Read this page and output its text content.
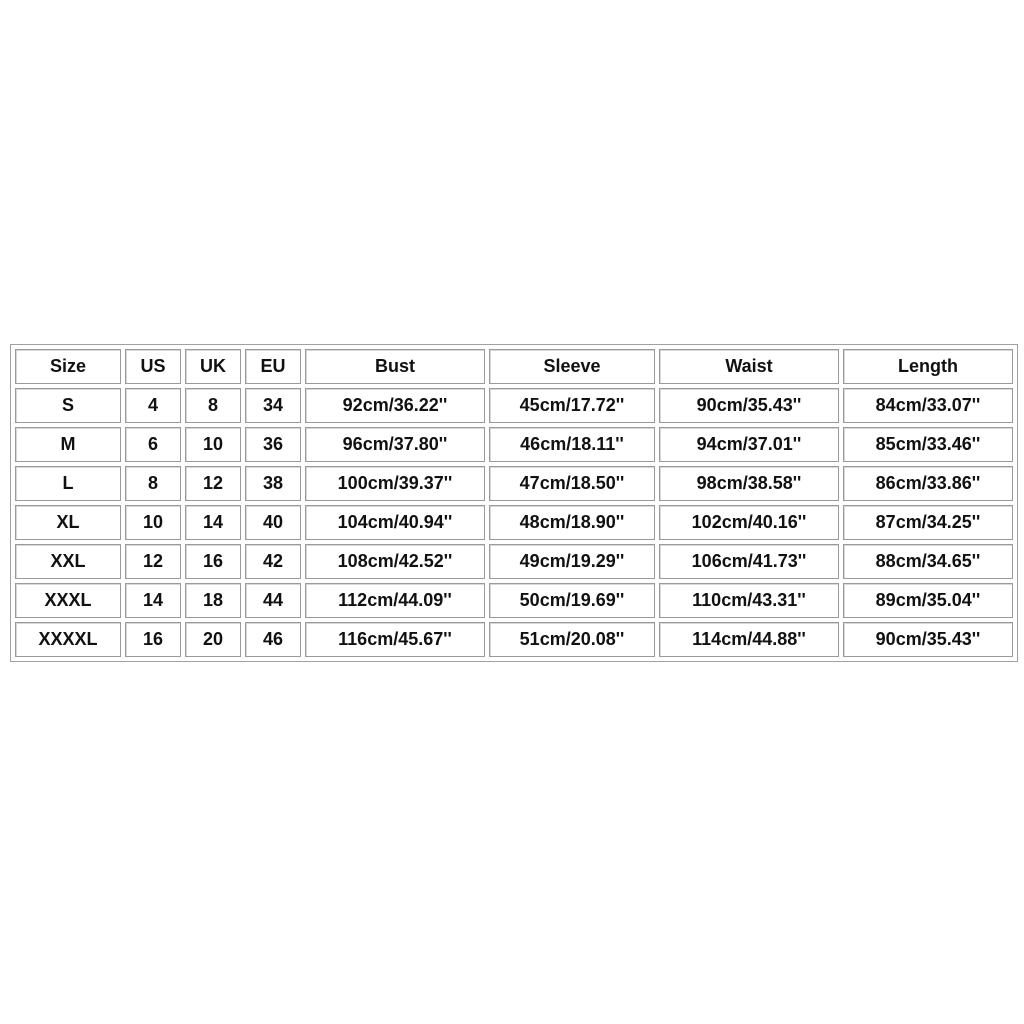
Size	US	UK	EU	Bust	Sleeve	Waist	Length
S	4	8	34	92cm/36.22''	45cm/17.72''	90cm/35.43''	84cm/33.07''
M	6	10	36	96cm/37.80''	46cm/18.11''	94cm/37.01''	85cm/33.46''
L	8	12	38	100cm/39.37''	47cm/18.50''	98cm/38.58''	86cm/33.86''
XL	10	14	40	104cm/40.94''	48cm/18.90''	102cm/40.16''	87cm/34.25''
XXL	12	16	42	108cm/42.52''	49cm/19.29''	106cm/41.73''	88cm/34.65''
XXXL	14	18	44	112cm/44.09''	50cm/19.69''	110cm/43.31''	89cm/35.04''
XXXXL	16	20	46	116cm/45.67''	51cm/20.08''	114cm/44.88''	90cm/35.43''
